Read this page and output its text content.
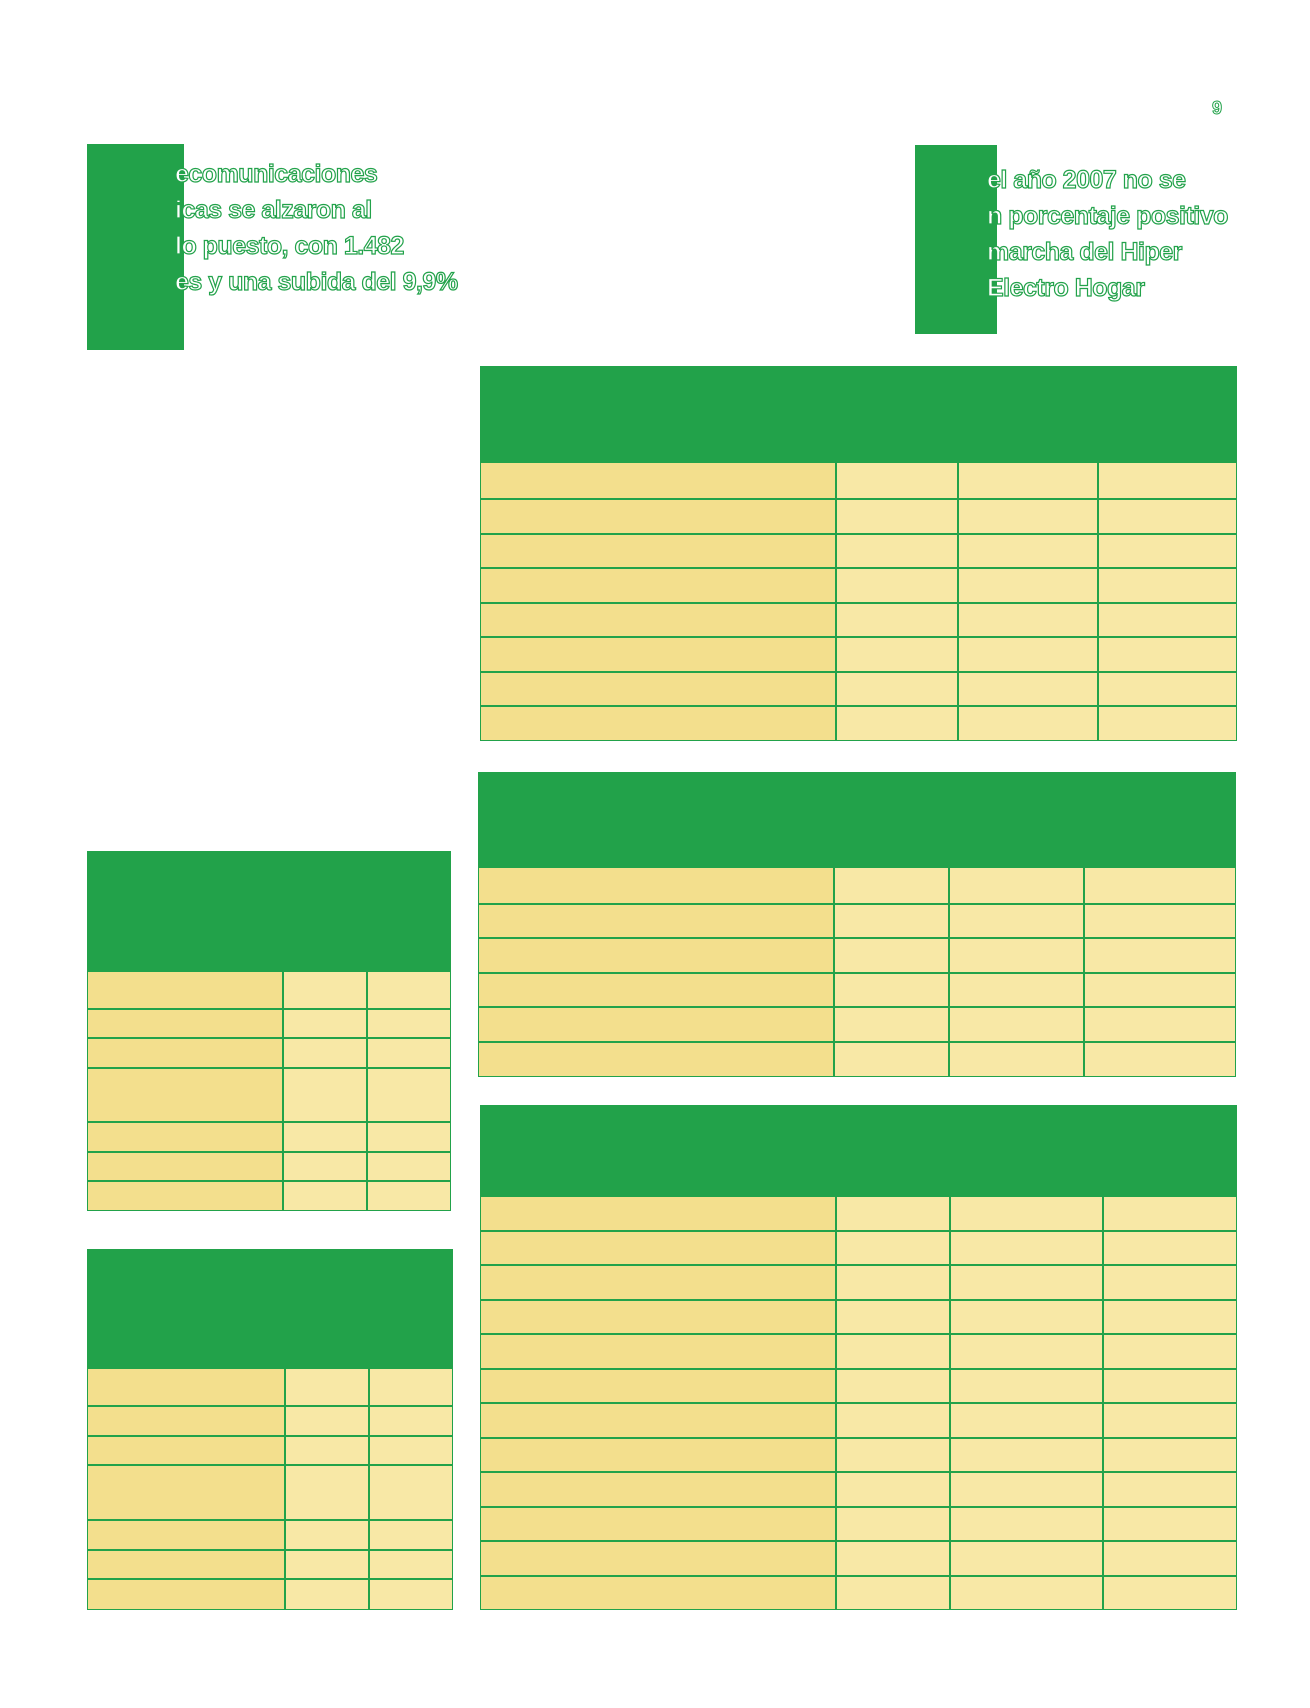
9
ecomunicaciones
icas se alzaron al
lo puesto, con 1.482
es y una subida del 9,9%
el año 2007 no se
n porcentaje positivo
marcha del Hiper
Electro Hogar
